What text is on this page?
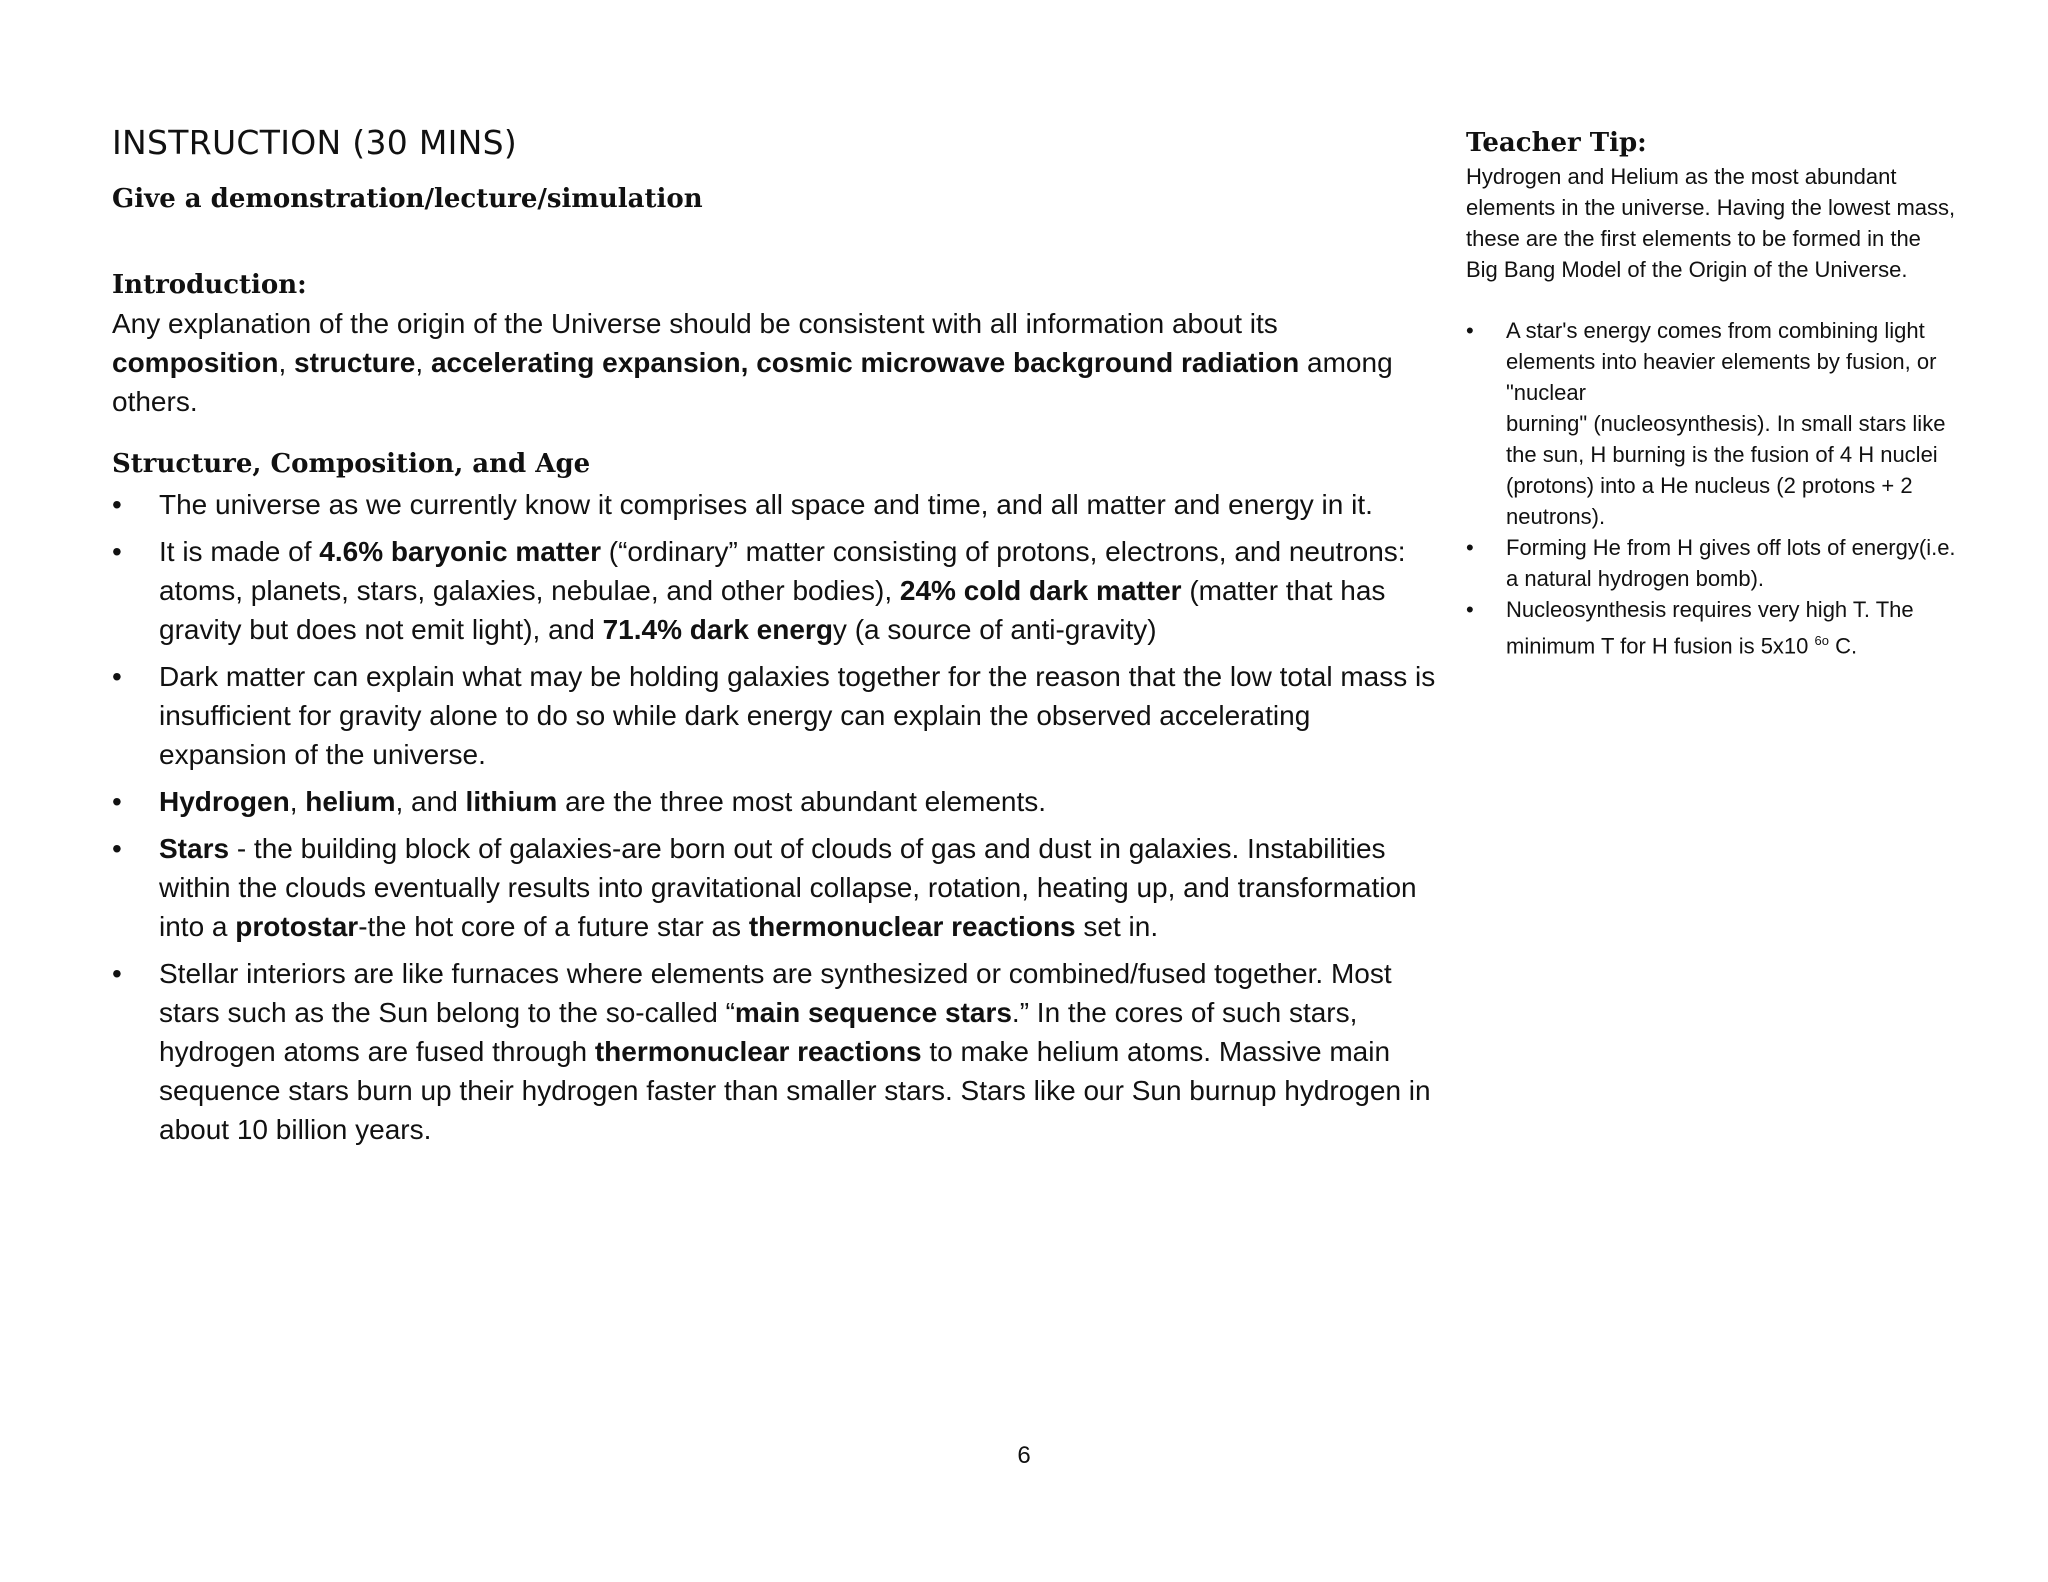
INSTRUCTION (30 MINS)

Give a demonstration/lecture/simulation

Introduction:

Any explanation of the origin of the Universe should be consistent with all information about its composition, structure, accelerating expansion, cosmic microwave background radiation among others.

Structure, Composition, and Age

• The universe as we currently know it comprises all space and time, and all matter and energy in it.
• It is made of 4.6% baryonic matter (“ordinary” matter consisting of protons, electrons, and neutrons: atoms, planets, stars, galaxies, nebulae, and other bodies), 24% cold dark matter (matter that has gravity but does not emit light), and 71.4% dark energy (a source of anti-gravity)
• Dark matter can explain what may be holding galaxies together for the reason that the low total mass is insufficient for gravity alone to do so while dark energy can explain the observed accelerating expansion of the universe.
• Hydrogen, helium, and lithium are the three most abundant elements.
• Stars - the building block of galaxies-are born out of clouds of gas and dust in galaxies. Instabilities within the clouds eventually results into gravitational collapse, rotation, heating up, and transformation into a protostar-the hot core of a future star as thermonuclear reactions set in.
• Stellar interiors are like furnaces where elements are synthesized or combined/fused together. Most stars such as the Sun belong to the so-called “main sequence stars.” In the cores of such stars, hydrogen atoms are fused through thermonuclear reactions to make helium atoms. Massive main sequence stars burn up their hydrogen faster than smaller stars. Stars like our Sun burnup hydrogen in about 10 billion years.

Teacher Tip:

Hydrogen and Helium as the most abundant elements in the universe. Having the lowest mass, these are the first elements to be formed in the Big Bang Model of the Origin of the Universe.

• A star's energy comes from combining light elements into heavier elements by fusion, or "nuclear
burning" (nucleosynthesis). In small stars like the sun, H burning is the fusion of 4 H nuclei (protons) into a He nucleus (2 protons + 2 neutrons).
• Forming He from H gives off lots of energy(i.e. a natural hydrogen bomb).
• Nucleosynthesis requires very high T. The minimum T for H fusion is 5x10 $^{6o}$ C.
6
